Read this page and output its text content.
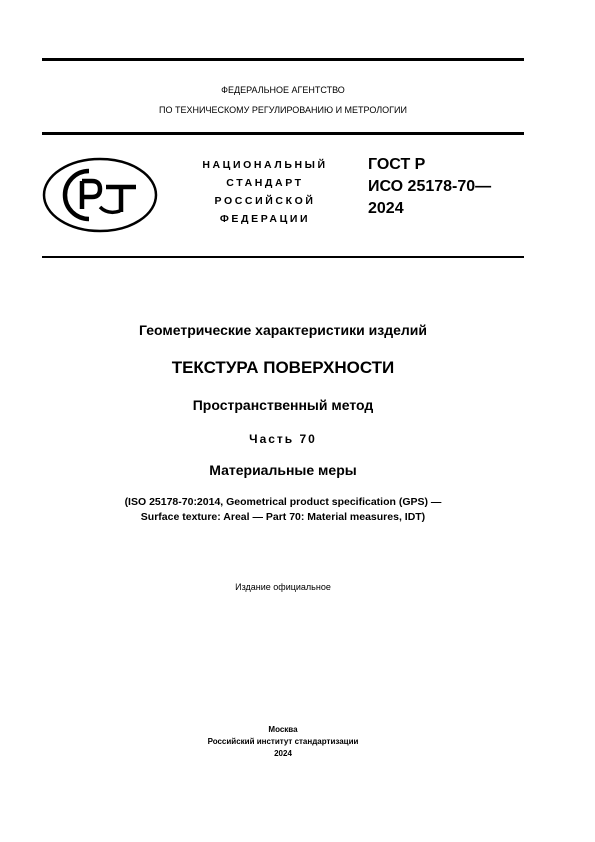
ФЕДЕРАЛЬНОЕ АГЕНТСТВО
ПО ТЕХНИЧЕСКОМУ РЕГУЛИРОВАНИЮ И МЕТРОЛОГИИ
НАЦИОНАЛЬНЫЙ
СТАНДАРТ
РОССИЙСКОЙ
ФЕДЕРАЦИИ
ГОСТ Р
ИСО 25178-70—
2024
Геометрические характеристики изделий
ТЕКСТУРА ПОВЕРХНОСТИ
Пространственный метод
Часть 70
Материальные меры
(ISO 25178-70:2014, Geometrical product specification (GPS) —
Surface texture: Areal — Part 70: Material measures, IDT)
Издание официальное
Москва
Российский институт стандартизации
2024
